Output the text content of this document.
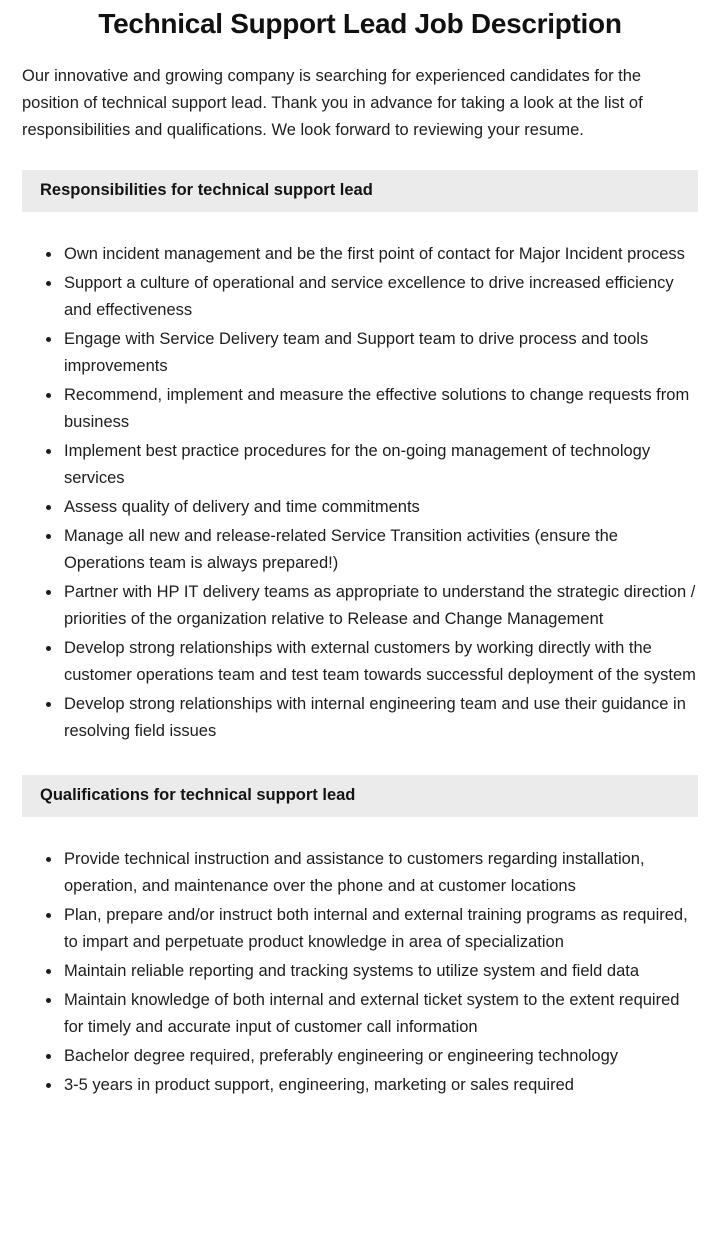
Technical Support Lead Job Description

Our innovative and growing company is searching for experienced candidates for the position of technical support lead. Thank you in advance for taking a look at the list of responsibilities and qualifications. We look forward to reviewing your resume.

Responsibilities for technical support lead
• Own incident management and be the first point of contact for Major Incident process
• Support a culture of operational and service excellence to drive increased efficiency and effectiveness
• Engage with Service Delivery team and Support team to drive process and tools improvements
• Recommend, implement and measure the effective solutions to change requests from business
• Implement best practice procedures for the on-going management of technology services
• Assess quality of delivery and time commitments
• Manage all new and release-related Service Transition activities (ensure the Operations team is always prepared!)
• Partner with HP IT delivery teams as appropriate to understand the strategic direction / priorities of the organization relative to Release and Change Management
• Develop strong relationships with external customers by working directly with the customer operations team and test team towards successful deployment of the system
• Develop strong relationships with internal engineering team and use their guidance in resolving field issues
Qualifications for technical support lead
• Provide technical instruction and assistance to customers regarding installation, operation, and maintenance over the phone and at customer locations
• Plan, prepare and/or instruct both internal and external training programs as required, to impart and perpetuate product knowledge in area of specialization
• Maintain reliable reporting and tracking systems to utilize system and field data
• Maintain knowledge of both internal and external ticket system to the extent required for timely and accurate input of customer call information
• Bachelor degree required, preferably engineering or engineering technology
• 3-5 years in product support, engineering, marketing or sales required
